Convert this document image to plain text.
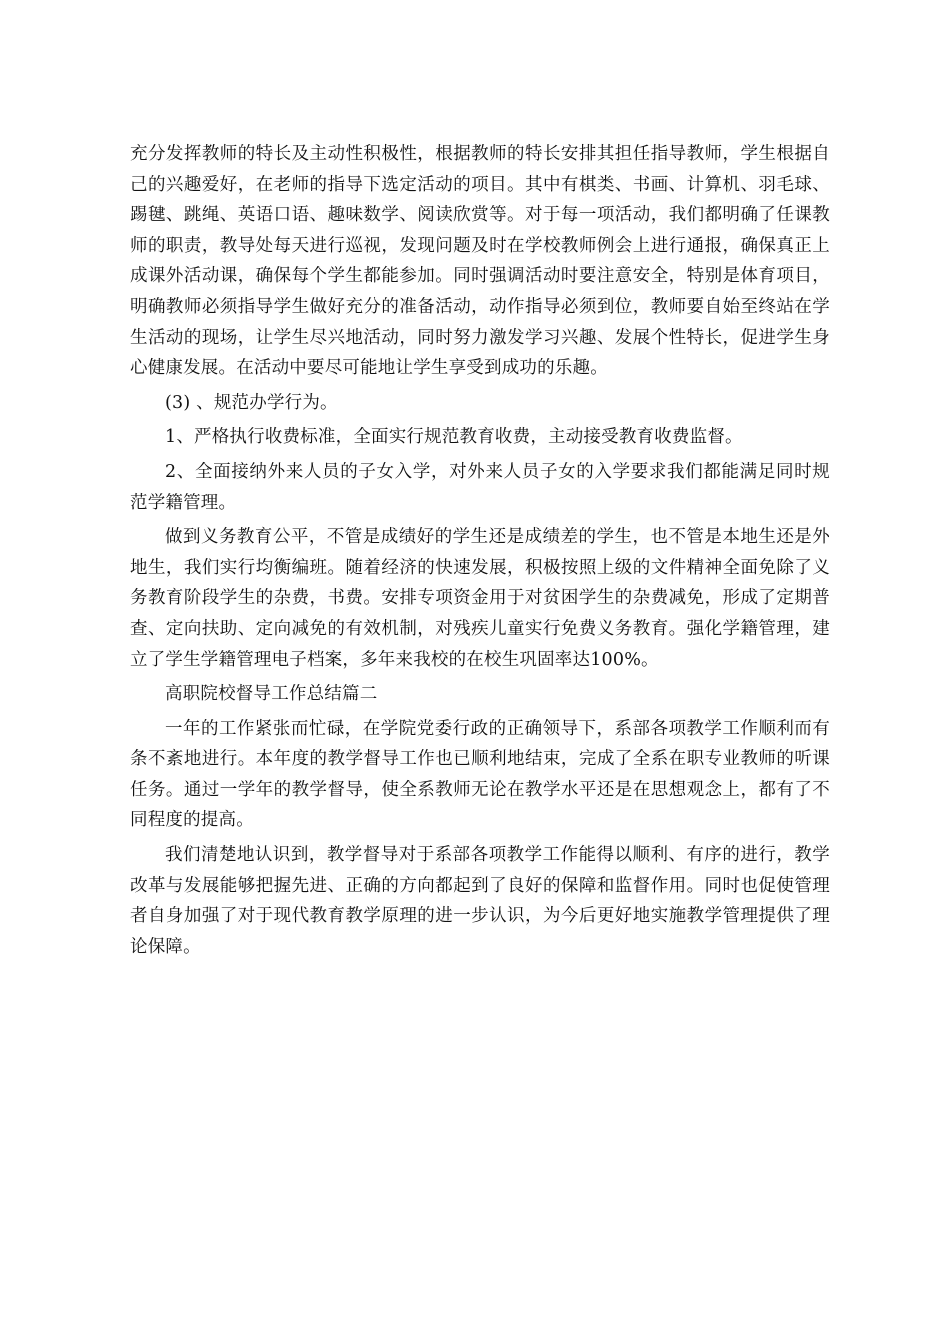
充分发挥教师的特长及主动性积极性，根据教师的特长安排其担任指导教师，学生根据自己的兴趣爱好，在老师的指导下选定活动的项目。其中有棋类、书画、计算机、羽毛球、踢毽、跳绳、英语口语、趣味数学、阅读欣赏等。对于每一项活动，我们都明确了任课教师的职责，教导处每天进行巡视，发现问题及时在学校教师例会上进行通报，确保真正上成课外活动课，确保每个学生都能参加。同时强调活动时要注意安全，特别是体育项目，明确教师必须指导学生做好充分的准备活动，动作指导必须到位，教师要自始至终站在学生活动的现场，让学生尽兴地活动，同时努力激发学习兴趣、发展个性特长，促进学生身心健康发展。在活动中要尽可能地让学生享受到成功的乐趣。

(3) 、规范办学行为。

1、严格执行收费标准，全面实行规范教育收费，主动接受教育收费监督。

2、全面接纳外来人员的子女入学，对外来人员子女的入学要求我们都能满足同时规范学籍管理。

做到义务教育公平，不管是成绩好的学生还是成绩差的学生，也不管是本地生还是外地生，我们实行均衡编班。随着经济的快速发展，积极按照上级的文件精神全面免除了义务教育阶段学生的杂费，书费。安排专项资金用于对贫困学生的杂费减免，形成了定期普查、定向扶助、定向减免的有效机制，对残疾儿童实行免费义务教育。强化学籍管理，建立了学生学籍管理电子档案，多年来我校的在校生巩固率达100%。

高职院校督导工作总结篇二

一年的工作紧张而忙碌，在学院党委行政的正确领导下，系部各项教学工作顺利而有条不紊地进行。本年度的教学督导工作也已顺利地结束，完成了全系在职专业教师的听课任务。通过一学年的教学督导，使全系教师无论在教学水平还是在思想观念上，都有了不同程度的提高。

我们清楚地认识到，教学督导对于系部各项教学工作能得以顺利、有序的进行，教学改革与发展能够把握先进、正确的方向都起到了良好的保障和监督作用。同时也促使管理者自身加强了对于现代教育教学原理的进一步认识，为今后更好地实施教学管理提供了理论保障。
